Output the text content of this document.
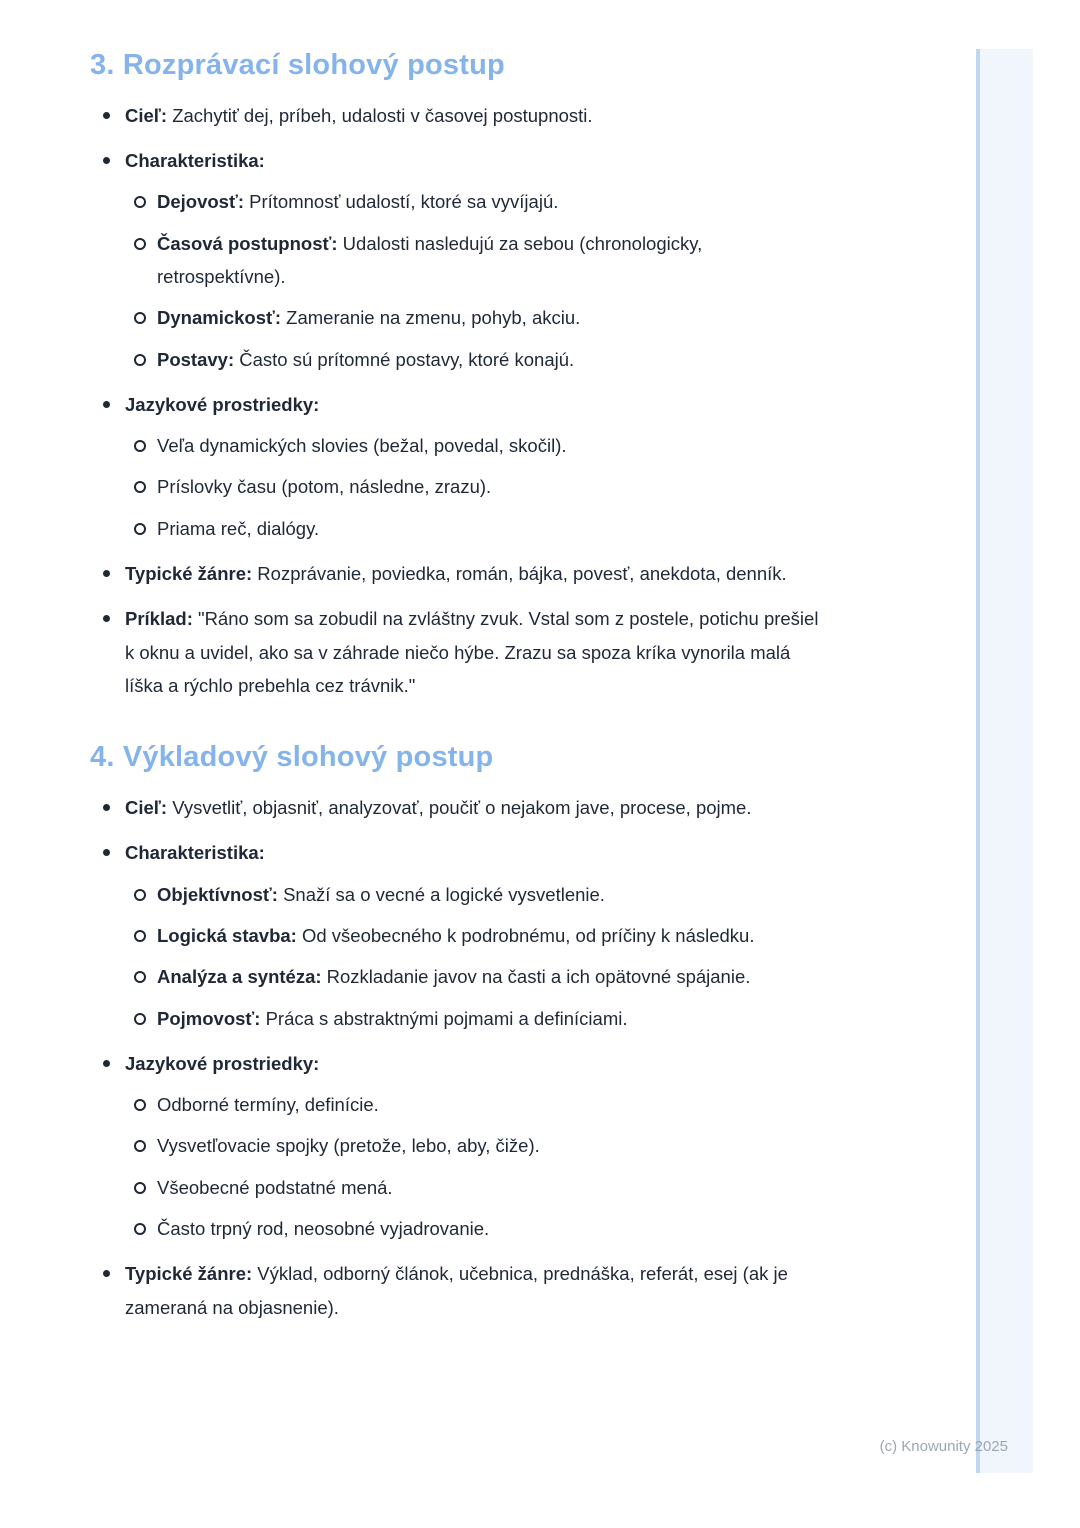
3. Rozprávací slohový postup
Cieľ: Zachytiť dej, príbeh, udalosti v časovej postupnosti.
Charakteristika:
Dejovosť: Prítomnosť udalostí, ktoré sa vyvíjajú.
Časová postupnosť: Udalosti nasledujú za sebou (chronologicky, retrospektívne).
Dynamickosť: Zameranie na zmenu, pohyb, akciu.
Postavy: Často sú prítomné postavy, ktoré konajú.
Jazykové prostriedky:
Veľa dynamických slovies (bežal, povedal, skočil).
Príslovky času (potom, následne, zrazu).
Priama reč, dialógy.
Typické žánre: Rozprávanie, poviedka, román, bájka, povesť, anekdota, denník.
Príklad: "Ráno som sa zobudil na zvláštny zvuk. Vstal som z postele, potichu prešiel k oknu a uvidel, ako sa v záhrade niečo hýbe. Zrazu sa spoza kríka vynorila malá líška a rýchlo prebehla cez trávnik."
4. Výkladový slohový postup
Cieľ: Vysvetliť, objasniť, analyzovať, poučiť o nejakom jave, procese, pojme.
Charakteristika:
Objektívnosť: Snaží sa o vecné a logické vysvetlenie.
Logická stavba: Od všeobecného k podrobnému, od príčiny k následku.
Analýza a syntéza: Rozkladanie javov na časti a ich opätovné spájanie.
Pojmovosť: Práca s abstraktnými pojmami a definíciami.
Jazykové prostriedky:
Odborné termíny, definície.
Vysvetľovacie spojky (pretože, lebo, aby, čiže).
Všeobecné podstatné mená.
Často trpný rod, neosobné vyjadrovanie.
Typické žánre: Výklad, odborný článok, učebnica, prednáška, referát, esej (ak je zameraná na objasnenie).
(c) Knowunity 2025
